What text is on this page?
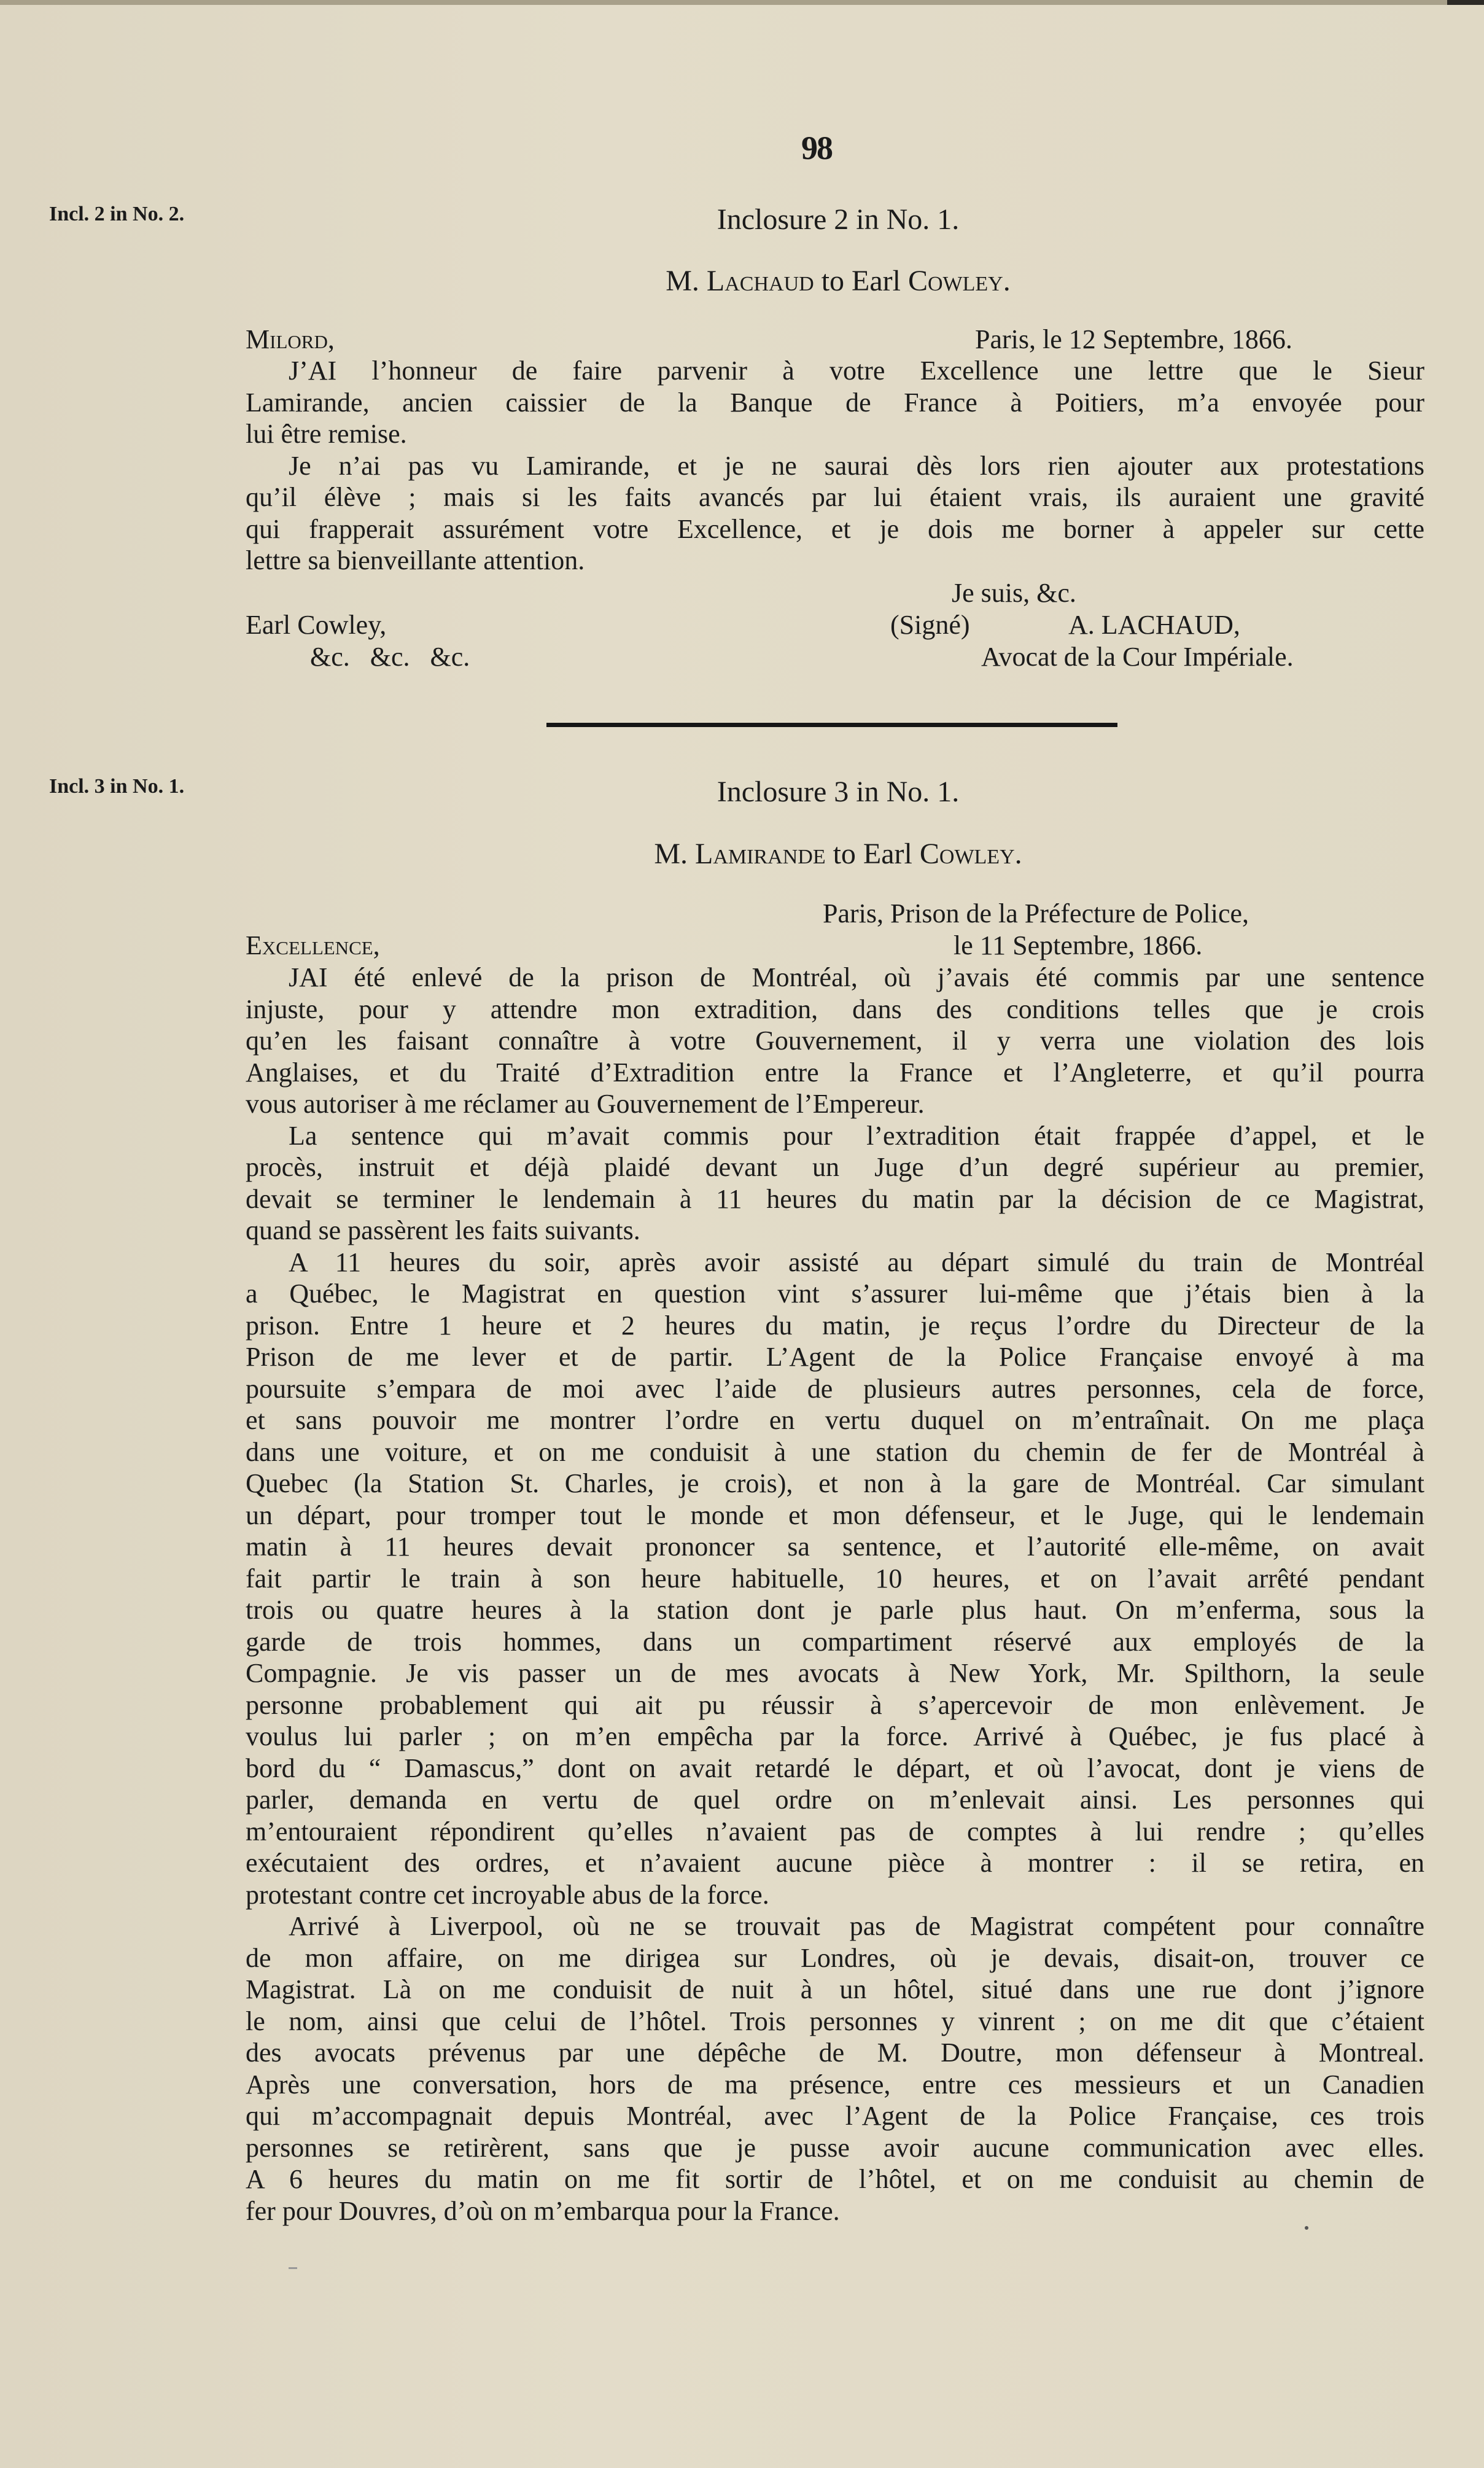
98
Incl. 2 in No. 2.
Incl. 3 in No. 1.
Inclosure 2 in No. 1.
M. Lachaud to Earl Cowley.
Milord,	Paris, le 12 Septembre, 1866.
J’AI l’honneur de faire parvenir à votre Excellence une lettre que le Sieur
Lamirande, ancien caissier de la Banque de France à Poitiers, m’a envoyée pour
lui être remise.
Je n’ai pas vu Lamirande, et je ne saurai dès lors rien ajouter aux protestations
qu’il élève ; mais si les faits avancés par lui étaient vrais, ils auraient une gravité
qui frapperait assurément votre Excellence, et je dois me borner à appeler sur cette
lettre sa bienveillante attention.
Je suis, &c.
Earl Cowley,	(Signé)	A. LACHAUD,
&c.   &c.   &c.	Avocat de la Cour Impériale.
Inclosure 3 in No. 1.
M. Lamirande to Earl Cowley.
Paris, Prison de la Préfecture de Police,
Excellence,	le 11 Septembre, 1866.
JAI été enlevé de la prison de Montréal, où j’avais été commis par une sentence
injuste, pour y attendre mon extradition, dans des conditions telles que je crois
qu’en les faisant connaître à votre Gouvernement, il y verra une violation des lois
Anglaises, et du Traité d’Extradition entre la France et l’Angleterre, et qu’il pourra
vous autoriser à me réclamer au Gouvernement de l’Empereur.
La sentence qui m’avait commis pour l’extradition était frappée d’appel, et le
procès, instruit et déjà plaidé devant un Juge d’un degré supérieur au premier,
devait se terminer le lendemain à 11 heures du matin par la décision de ce Magistrat,
quand se passèrent les faits suivants.
A 11 heures du soir, après avoir assisté au départ simulé du train de Montréal
a Québec, le Magistrat en question vint s’assurer lui-même que j’étais bien à la
prison. Entre 1 heure et 2 heures du matin, je reçus l’ordre du Directeur de la
Prison de me lever et de partir. L’Agent de la Police Française envoyé à ma
poursuite s’empara de moi avec l’aide de plusieurs autres personnes, cela de force,
et sans pouvoir me montrer l’ordre en vertu duquel on m’entraînait. On me plaça
dans une voiture, et on me conduisit à une station du chemin de fer de Montréal à
Quebec (la Station St. Charles, je crois), et non à la gare de Montréal. Car simulant
un départ, pour tromper tout le monde et mon défenseur, et le Juge, qui le lendemain
matin à 11 heures devait prononcer sa sentence, et l’autorité elle-même, on avait
fait partir le train à son heure habituelle, 10 heures, et on l’avait arrêté pendant
trois ou quatre heures à la station dont je parle plus haut. On m’enferma, sous la
garde de trois hommes, dans un compartiment réservé aux employés de la
Compagnie. Je vis passer un de mes avocats à New York, Mr. Spilthorn, la seule
personne probablement qui ait pu réussir à s’apercevoir de mon enlèvement. Je
voulus lui parler ; on m’en empêcha par la force. Arrivé à Québec, je fus placé à
bord du “ Damascus,” dont on avait retardé le départ, et où l’avocat, dont je viens de
parler, demanda en vertu de quel ordre on m’enlevait ainsi. Les personnes qui
m’entouraient répondirent qu’elles n’avaient pas de comptes à lui rendre ; qu’elles
exécutaient des ordres, et n’avaient aucune pièce à montrer : il se retira, en
protestant contre cet incroyable abus de la force.
Arrivé à Liverpool, où ne se trouvait pas de Magistrat compétent pour connaître
de mon affaire, on me dirigea sur Londres, où je devais, disait-on, trouver ce
Magistrat. Là on me conduisit de nuit à un hôtel, situé dans une rue dont j’ignore
le nom, ainsi que celui de l’hôtel. Trois personnes y vinrent ; on me dit que c’étaient
des avocats prévenus par une dépêche de M. Doutre, mon défenseur à Montreal.
Après une conversation, hors de ma présence, entre ces messieurs et un Canadien
qui m’accompagnait depuis Montréal, avec l’Agent de la Police Française, ces trois
personnes se retirèrent, sans que je pusse avoir aucune communication avec elles.
A 6 heures du matin on me fit sortir de l’hôtel, et on me conduisit au chemin de
fer pour Douvres, d’où on m’embarqua pour la France.
